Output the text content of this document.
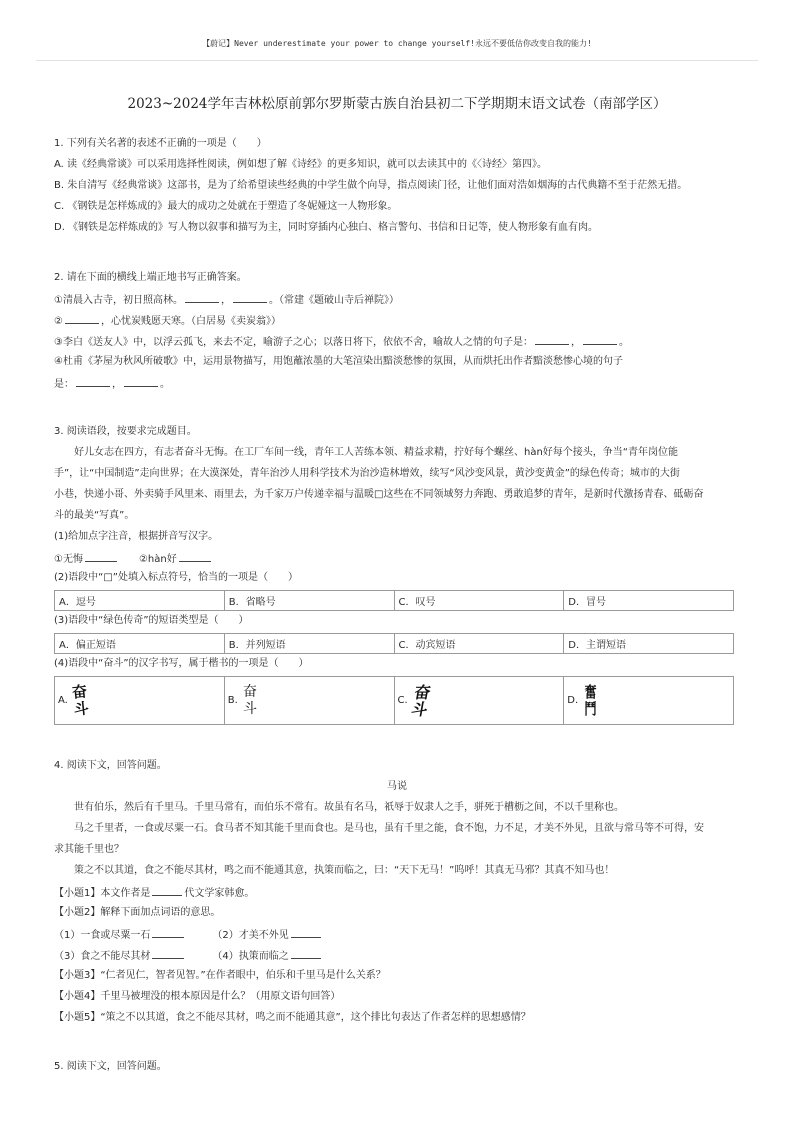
【蔚记】Never underestimate your power to change yourself!永远不要低估你改变自我的能力!
2023~2024学年吉林松原前郭尔罗斯蒙古族自治县初二下学期期末语文试卷（南部学区）
1. 下列有关名著的表述不正确的一项是（　　）
A. 读《经典常谈》可以采用选择性阅读，例如想了解《诗经》的更多知识，就可以去读其中的《〈诗经〉第四》。
B. 朱自清写《经典常谈》这部书，是为了给希望读些经典的中学生做个向导，指点阅读门径，让他们面对浩如烟海的古代典籍不至于茫然无措。
C. 《钢铁是怎样炼成的》最大的成功之处就在于塑造了冬妮娅这一人物形象。
D. 《钢铁是怎样炼成的》写人物以叙事和描写为主，同时穿插内心独白、格言警句、书信和日记等，使人物形象有血有肉。
2. 请在下面的横线上端正地书写正确答案。
①清晨入古寺，初日照高林。	，	。（常建《题破山寺后禅院》）
②	，心忧炭贱愿天寒。（白居易《卖炭翁》）
③李白《送友人》中，以浮云孤飞，来去不定，喻游子之心；以落日将下，依依不舍，喻故人之情的句子是：	，	。
④杜甫《茅屋为秋风所破歌》中，运用景物描写，用饱蘸浓墨的大笔渲染出黯淡愁惨的氛围，从而烘托出作者黯淡愁惨心境的句子
是：	，	。
3. 阅读语段，按要求完成题目。
好儿女志在四方，有志者奋斗无悔。在工厂车间一线，青年工人苦练本领、精益求精，拧好每个螺丝、hàn好每个接头，争当“青年岗位能
手”，让“中国制造”走向世界；在大漠深处，青年治沙人用科学技术为治沙造林增效，续写“风沙变风景，黄沙变黄金”的绿色传奇；城市的大街
小巷，快递小哥、外卖骑手风里来、雨里去，为千家万户传递幸福与温暖□这些在不同领域努力奔跑、勇敢追梦的青年，是新时代激扬青春、砥砺奋
斗的最美“写真”。
(1)给加点字注音，根据拼音写汉字。
①无悔	②hàn好
(2)语段中“□”处填入标点符号，恰当的一项是（　　）
A．逗号	B．省略号	C．叹号	D．冒号
(3)语段中“绿色传奇”的短语类型是（　　）
A．偏正短语	B．并列短语	C．动宾短语	D．主谓短语
(4)语段中“奋斗”的汉字书写，属于楷书的一项是（　　）
A. 奋
斗	B.
奋
斗	C. 奋
斗	D. 奮
鬥
4. 阅读下文，回答问题。
马说
世有伯乐，然后有千里马。千里马常有，而伯乐不常有。故虽有名马，祇辱于奴隶人之手，骈死于槽枥之间，不以千里称也。
马之千里者，一食或尽粟一石。食马者不知其能千里而食也。是马也，虽有千里之能，食不饱，力不足，才美不外见，且欲与常马等不可得，安
求其能千里也？
策之不以其道，食之不能尽其材，鸣之而不能通其意，执策而临之，曰：“天下无马！”呜呼！其真无马邪？其真不知马也！
【小题1】本文作者是	代文学家韩愈。
【小题2】解释下面加点词语的意思。
（1）一食或尽粟一石	（2）才美不外见
（3）食之不能尽其材	（4）执策而临之
【小题3】“仁者见仁，智者见智。”在作者眼中，伯乐和千里马是什么关系？
【小题4】千里马被埋没的根本原因是什么？（用原文语句回答）
【小题5】“策之不以其道，食之不能尽其材，鸣之而不能通其意”，这个排比句表达了作者怎样的思想感情？
5. 阅读下文，回答问题。
